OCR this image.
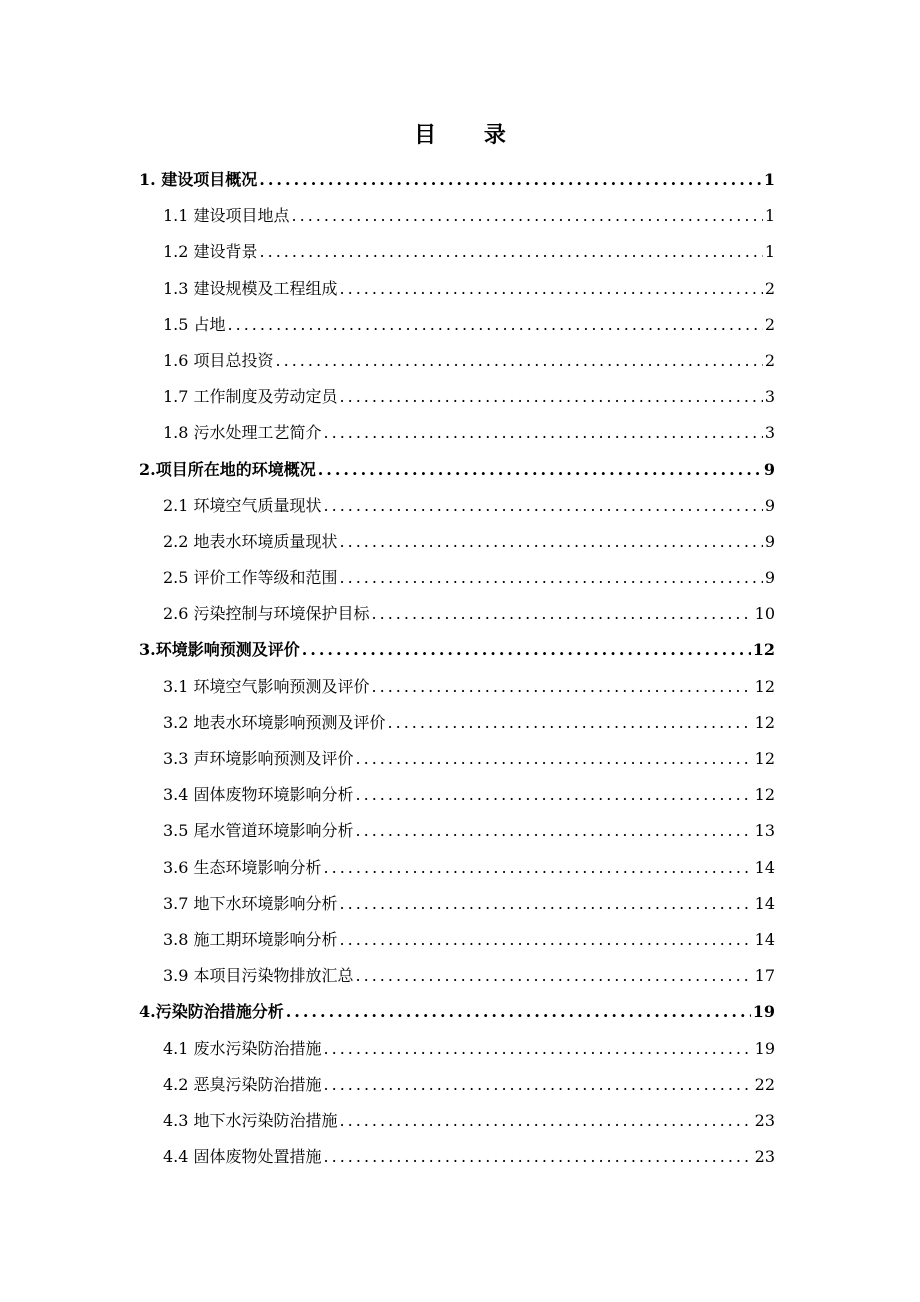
目 录
1. 建设项目概况 .....	1
1.1 建设项目地点 .....	1
1.2 建设背景 .....	1
1.3 建设规模及工程组成 .....	2
1.5 占地 .....	2
1.6 项目总投资 .....	2
1.7 工作制度及劳动定员 .....	3
1.8 污水处理工艺简介 .....	3
2.项目所在地的环境概况 .....	9
2.1 环境空气质量现状 .....	9
2.2 地表水环境质量现状 .....	9
2.5 评价工作等级和范围 .....	9
2.6 污染控制与环境保护目标 .....	10
3.环境影响预测及评价 .....	12
3.1 环境空气影响预测及评价 .....	12
3.2 地表水环境影响预测及评价 .....	12
3.3 声环境影响预测及评价 .....	12
3.4 固体废物环境影响分析 .....	12
3.5 尾水管道环境影响分析 .....	13
3.6 生态环境影响分析 .....	14
3.7 地下水环境影响分析 .....	14
3.8 施工期环境影响分析 .....	14
3.9 本项目污染物排放汇总 .....	17
4.污染防治措施分析 .....	19
4.1 废水污染防治措施 .....	19
4.2 恶臭污染防治措施 .....	22
4.3 地下水污染防治措施 .....	23
4.4 固体废物处置措施 .....	23
